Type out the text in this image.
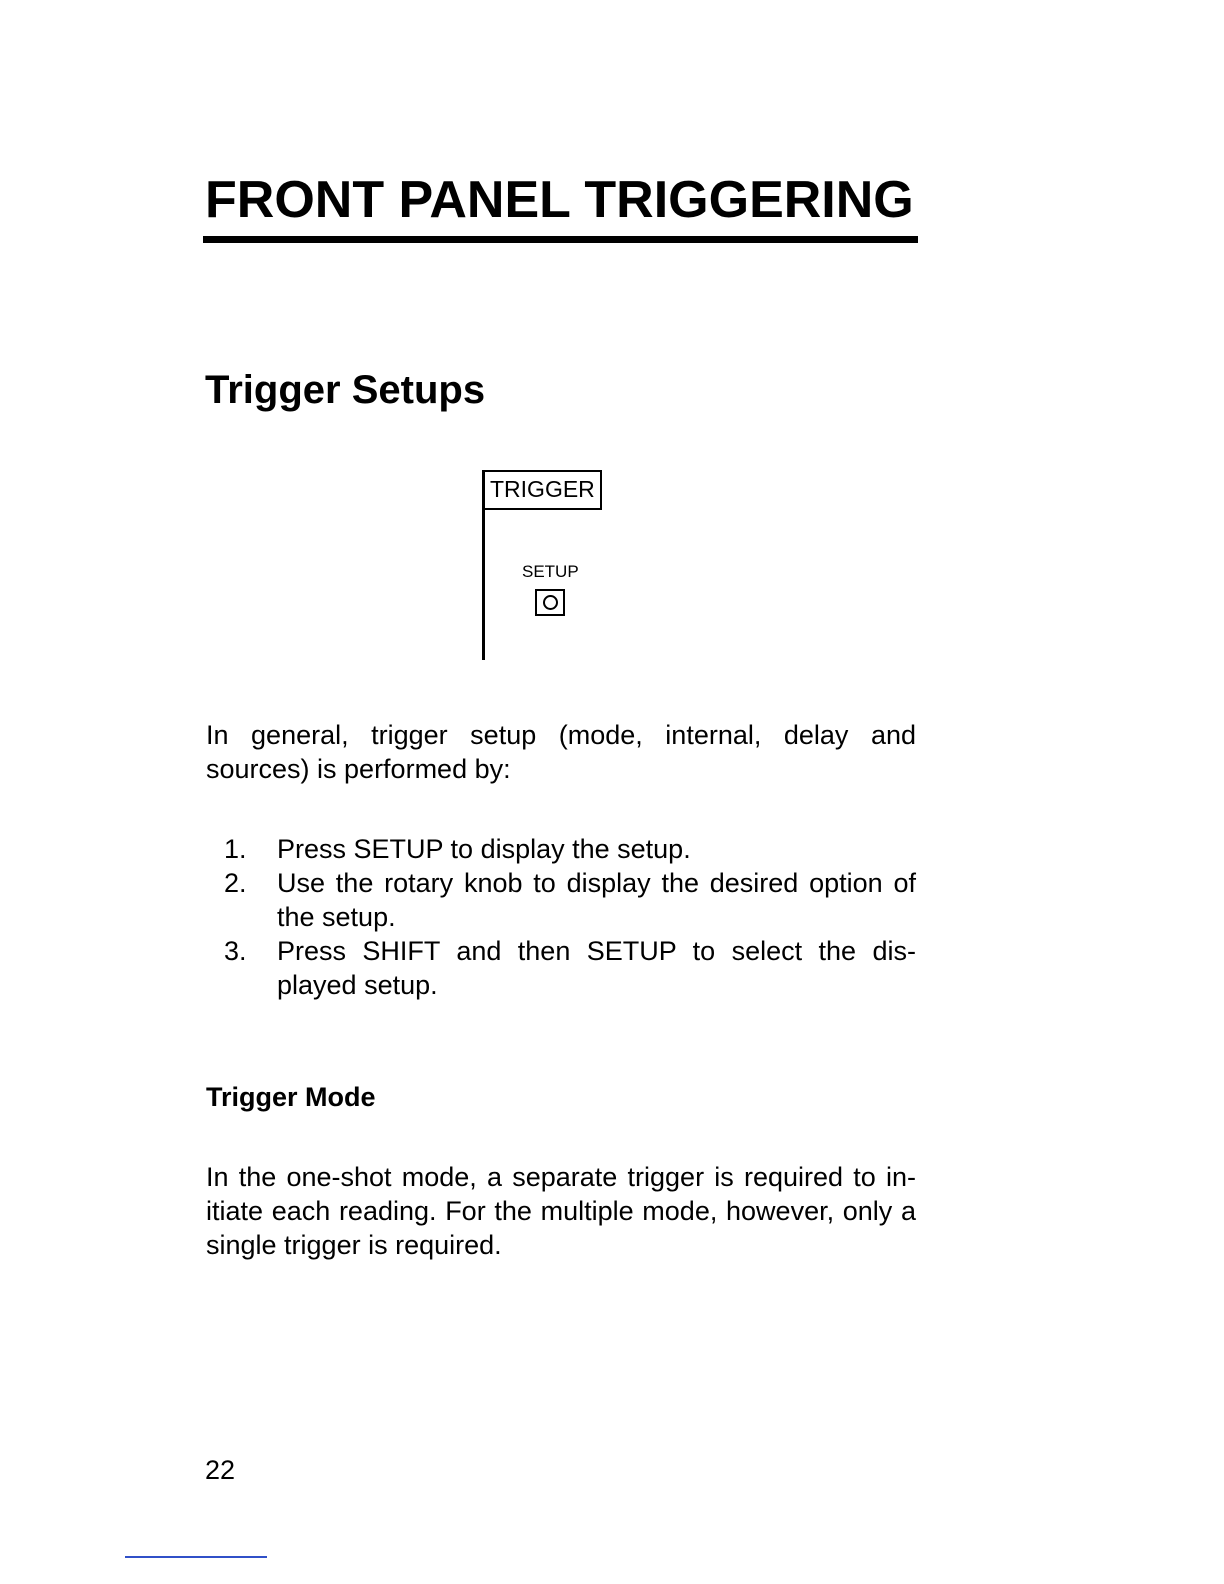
FRONT PANEL TRIGGERING
Trigger Setups
TRIGGER
SETUP

In general, trigger setup (mode, internal, delay and sources) is performed by:

1. Press SETUP to display the setup.
2. Use the rotary knob to display the desired option of the setup.
3. Press SHIFT and then SETUP to select the dis-played setup.
Trigger Mode

In the one-shot mode, a separate trigger is required to in-itiate each reading. For the multiple mode, however, only a single trigger is required.

22
